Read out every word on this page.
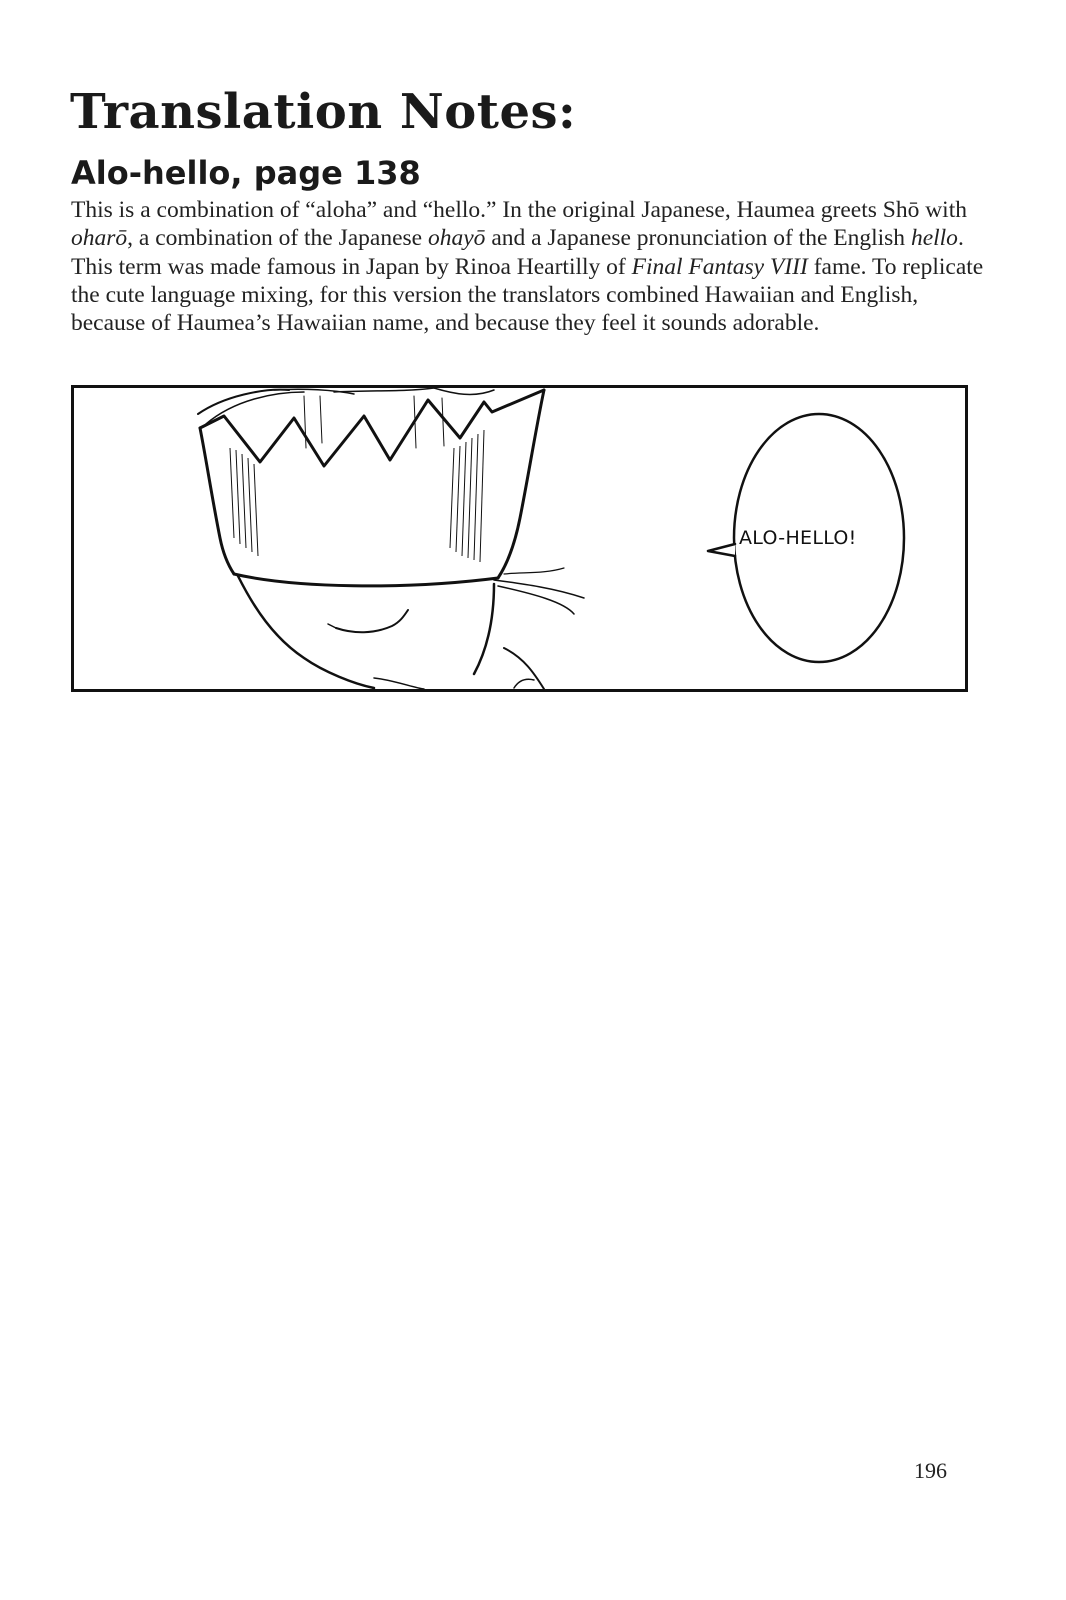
Translation Notes:
Alo-hello, page 138

This is a combination of “aloha” and “hello.” In the original Japanese, Haumea greets Shō with oharō, a combination of the Japanese ohayō and a Japanese pronunciation of the English hello. This term was made famous in Japan by Rinoa Heartilly of Final Fantasy VIII fame. To replicate the cute language mixing, for this version the translators combined Hawaiian and English, because of Haumea’s Hawaiian name, and because they feel it sounds adorable.

ALO-HELLO!
196
